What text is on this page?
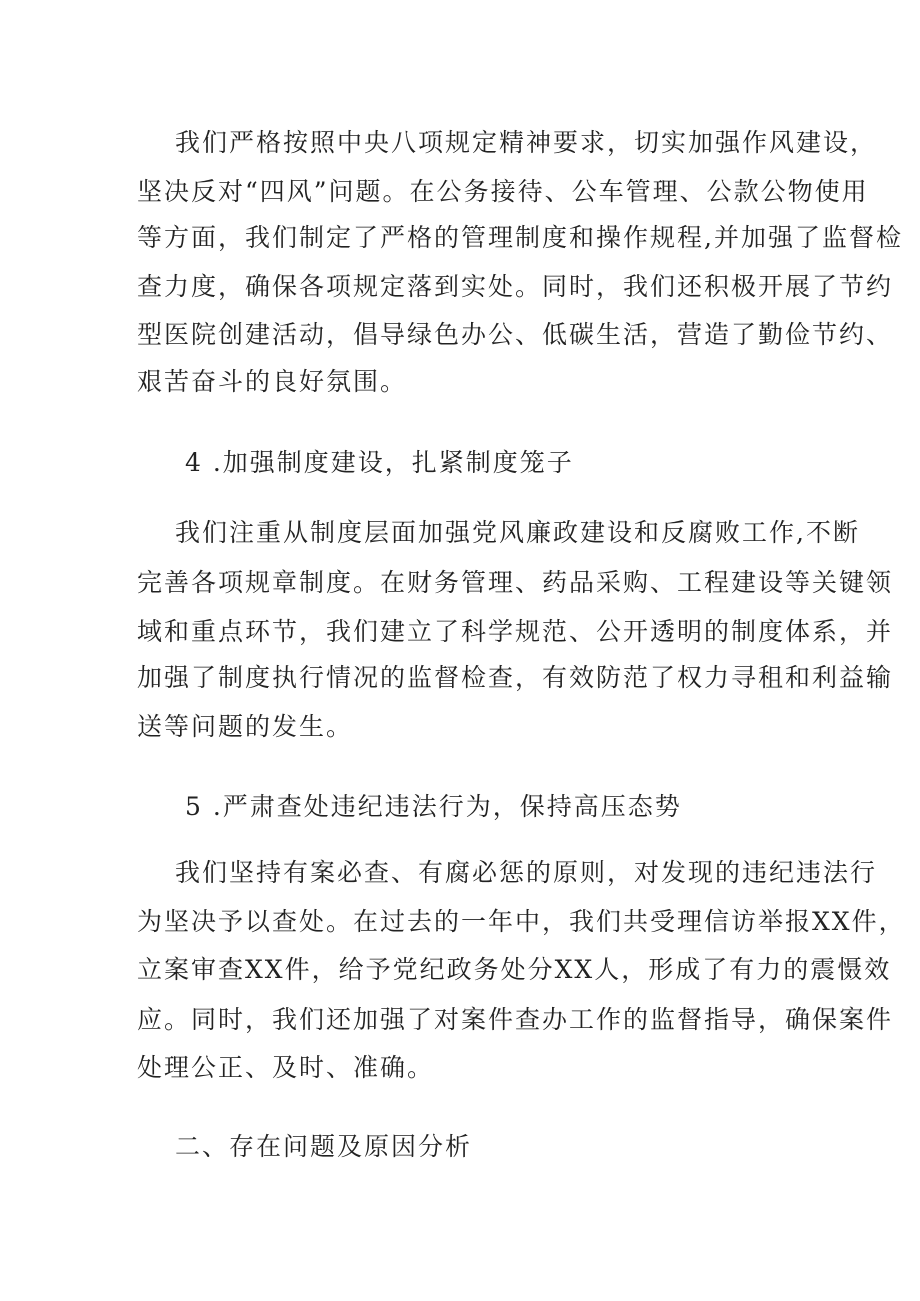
我们严格按照中央八项规定精神要求，切实加强作风建设，
坚决反对“四风”问题。在公务接待、公车管理、公款公物使用
等方面，我们制定了严格的管理制度和操作规程,并加强了监督检
查力度，确保各项规定落到实处。同时，我们还积极开展了节约
型医院创建活动，倡导绿色办公、低碳生活，营造了勤俭节约、
艰苦奋斗的良好氛围。
4 .加强制度建设，扎紧制度笼子
我们注重从制度层面加强党风廉政建设和反腐败工作,不断
完善各项规章制度。在财务管理、药品采购、工程建设等关键领
域和重点环节，我们建立了科学规范、公开透明的制度体系，并
加强了制度执行情况的监督检查，有效防范了权力寻租和利益输
送等问题的发生。
5 .严肃查处违纪违法行为，保持高压态势
我们坚持有案必查、有腐必惩的原则，对发现的违纪违法行
为坚决予以查处。在过去的一年中，我们共受理信访举报XX件，
立案审查XX件，给予党纪政务处分XX人，形成了有力的震慑效
应。同时，我们还加强了对案件查办工作的监督指导，确保案件
处理公正、及时、准确。
二、存在问题及原因分析
